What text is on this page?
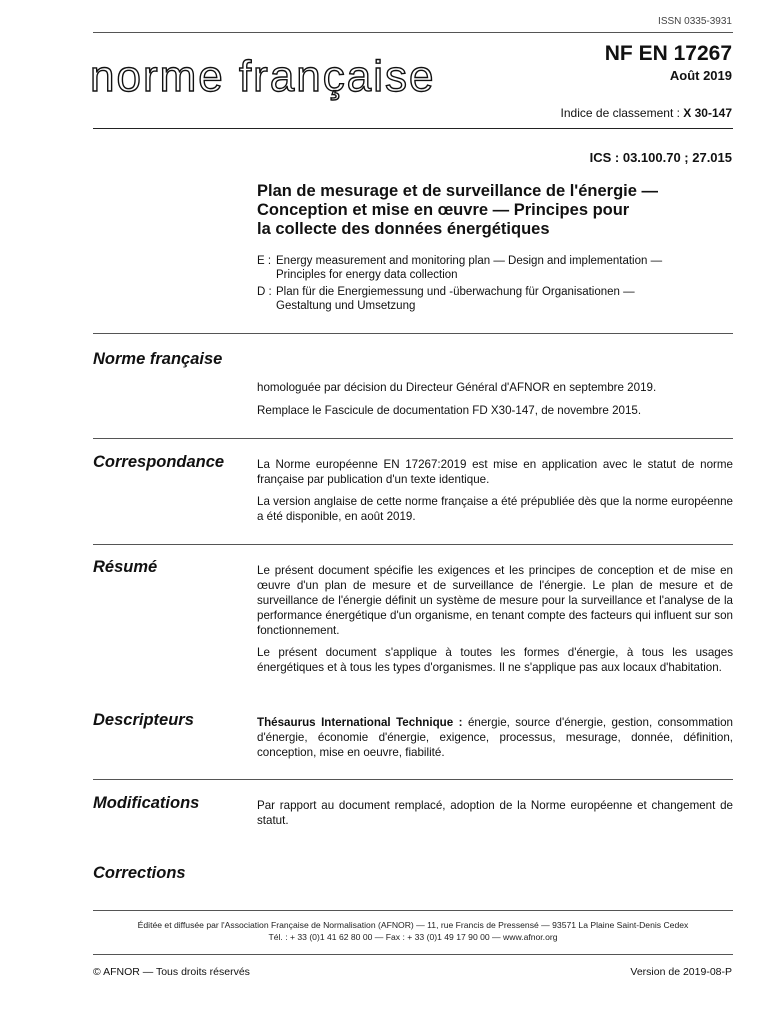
ISSN 0335-3931
norme française	NF EN 17267
Août 2019
Indice de classement : X 30-147
ICS : 03.100.70 ; 27.015
Plan de mesurage et de surveillance de l'énergie —
Conception et mise en œuvre — Principes pour
la collecte des données énergétiques
E : Energy measurement and monitoring plan — Design and implementation —
Principles for energy data collection
D : Plan für die Energiemessung und -überwachung für Organisationen —
Gestaltung und Umsetzung
Norme française
homologuée par décision du Directeur Général d'AFNOR en septembre 2019.
Remplace le Fascicule de documentation FD X30-147, de novembre 2015.
Correspondance	La Norme européenne EN 17267:2019 est mise en application avec le statut de norme française par publication d'un texte identique.
La version anglaise de cette norme française a été prépubliée dès que la norme européenne a été disponible, en août 2019.
Résumé	Le présent document spécifie les exigences et les principes de conception et de mise en œuvre d'un plan de mesure et de surveillance de l'énergie. Le plan de mesure et de surveillance de l'énergie définit un système de mesure pour la surveillance et l'analyse de la performance énergétique d'un organisme, en tenant compte des facteurs qui influent sur son fonctionnement.
Le présent document s'applique à toutes les formes d'énergie, à tous les usages énergétiques et à tous les types d'organismes. Il ne s'applique pas aux locaux d'habitation.
Descripteurs	Thésaurus International Technique : énergie, source d'énergie, gestion, consommation d'énergie, économie d'énergie, exigence, processus, mesurage, donnée, définition, conception, mise en oeuvre, fiabilité.
Modifications	Par rapport au document remplacé, adoption de la Norme européenne et changement de statut.
Corrections
Éditée et diffusée par l'Association Française de Normalisation (AFNOR) — 11, rue Francis de Pressensé — 93571 La Plaine Saint-Denis Cedex
Tél. : + 33 (0)1 41 62 80 00 — Fax : + 33 (0)1 49 17 90 00 — www.afnor.org
© AFNOR — Tous droits réservés	Version de 2019-08-P
